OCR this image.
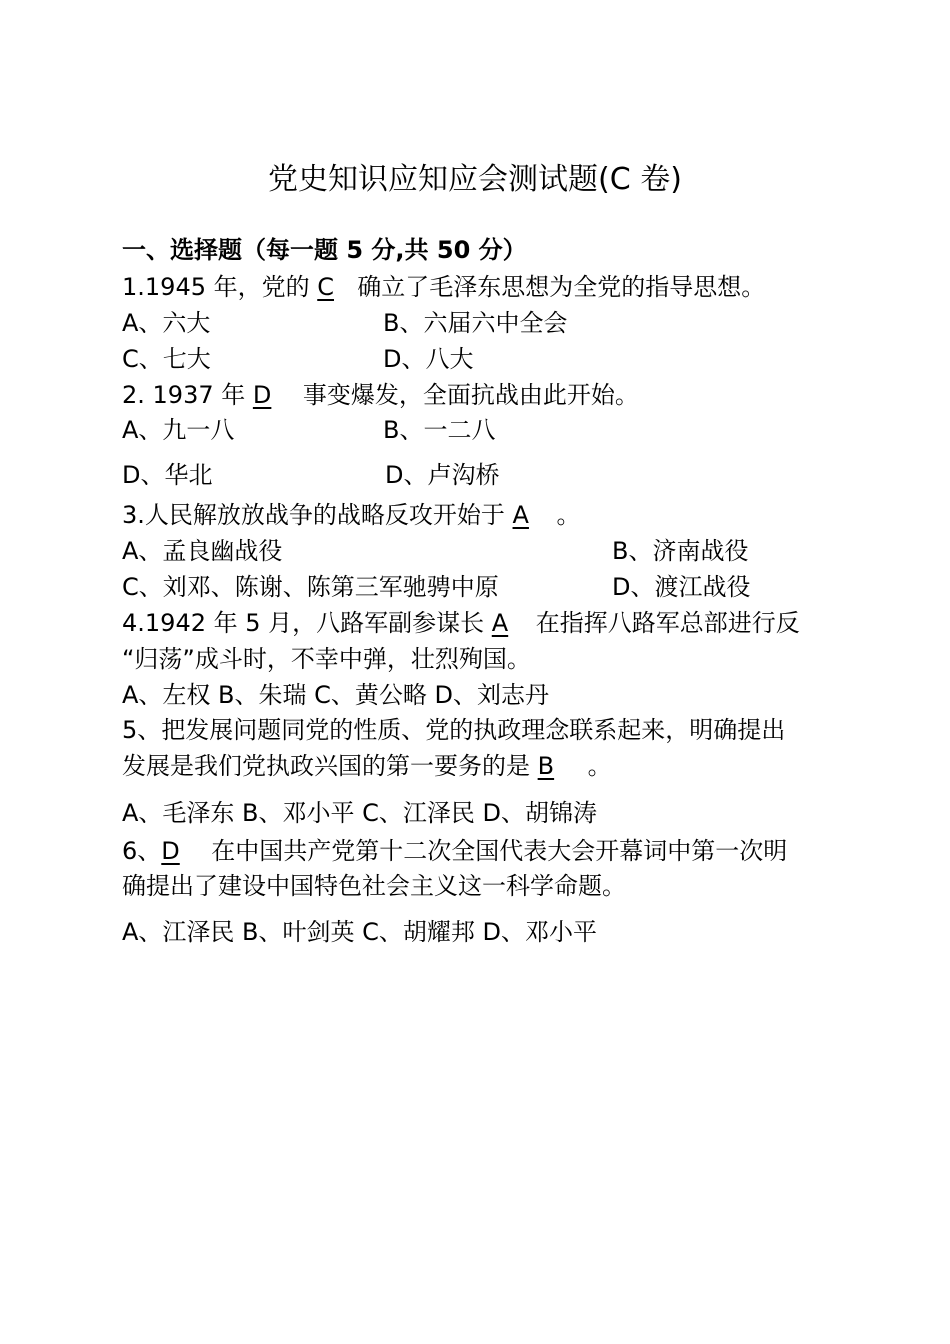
党史知识应知应会测试题(C 卷)
一、选择题（每一题 5 分,共 50 分）
1.1945 年，党的 C 确立了毛泽东思想为全党的指导思想。
A、六大	B、六届六中全会
C、七大	D、八大
2. 1937 年 D 事变爆发，全面抗战由此开始。
A、九一八	B、一二八
D、华北	D、卢沟桥
3.人民解放放战争的战略反攻开始于 A 。
A、孟良幽战役	B、济南战役
C、刘邓、陈谢、陈第三军驰骋中原	D、渡江战役
4.1942 年 5 月，八路军副参谋长 A 在指挥八路军总部进行反
“归荡”成斗时，不幸中弹，壮烈殉国。
A、左权 B、朱瑞 C、黄公略 D、刘志丹
5、把发展问题同党的性质、党的执政理念联系起来，明确提出
发展是我们党执政兴国的第一要务的是 B 。
A、毛泽东 B、邓小平 C、江泽民 D、胡锦涛
6、D 在中国共产党第十二次全国代表大会开幕词中第一次明
确提出了建设中国特色社会主义这一科学命题。
A、江泽民 B、叶剑英 C、胡耀邦 D、邓小平
